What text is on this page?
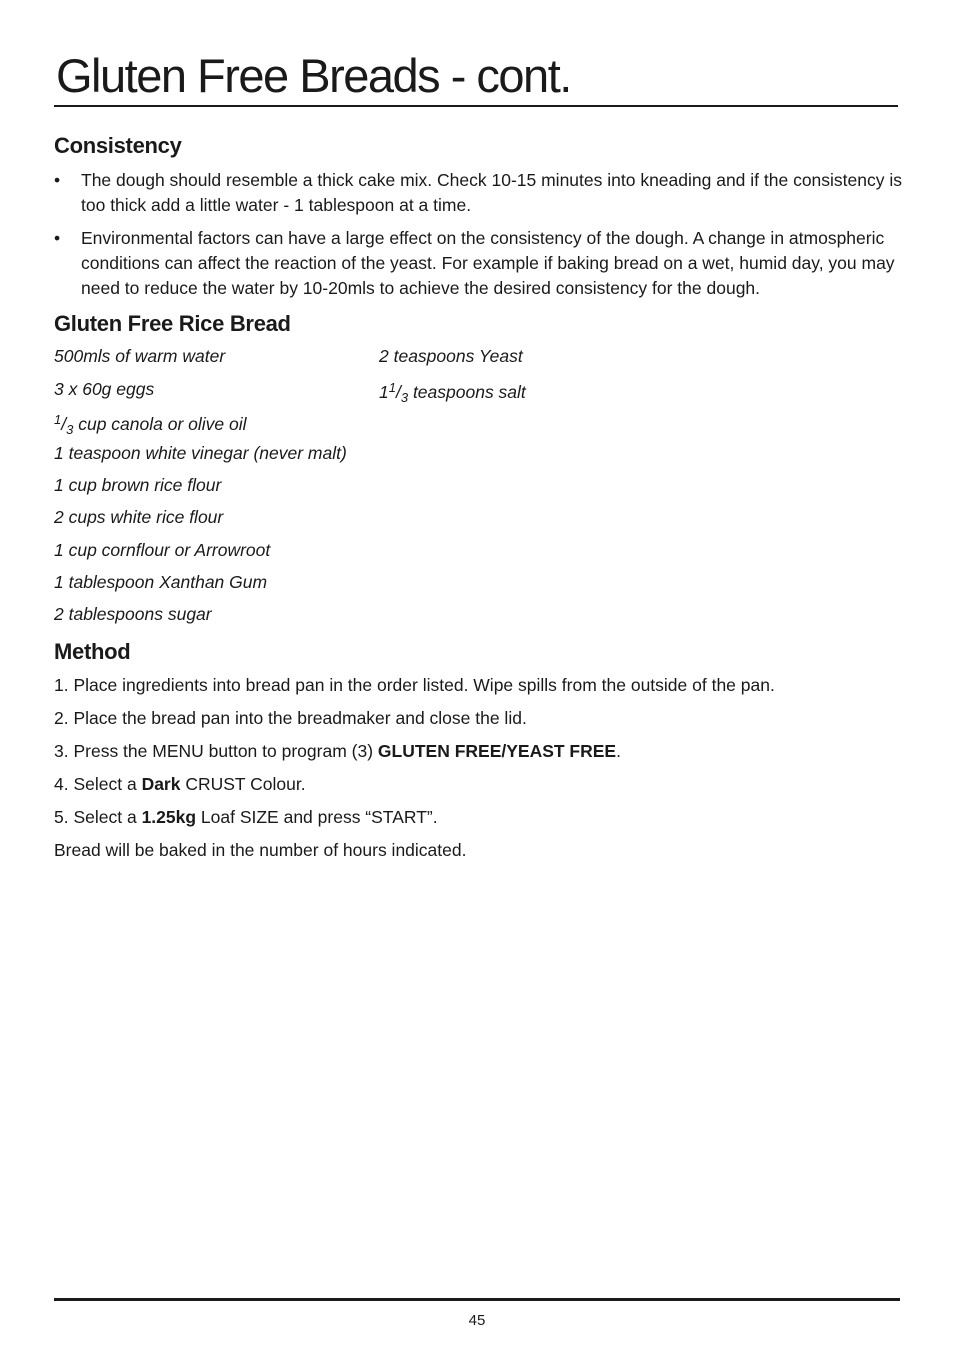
Gluten Free Breads - cont.
Consistency
• The dough should resemble a thick cake mix. Check 10-15 minutes into kneading and if the consistency is too thick add a little water - 1 tablespoon at a time.
• Environmental factors can have a large effect on the consistency of the dough. A change in atmospheric conditions can affect the reaction of the yeast. For example if baking bread on a wet, humid day, you may need to reduce the water by 10-20mls to achieve the desired consistency for the dough.
Gluten Free Rice Bread
500mls of warm water
3 x 60g eggs
$^1/_3$ cup canola or olive oil
1 teaspoon white vinegar (never malt)
1 cup brown rice flour
2 cups white rice flour
1 cup cornflour or Arrowroot
1 tablespoon Xanthan Gum
2 tablespoons sugar
2 teaspoons Yeast
$1^1/_3$ teaspoons salt
Method
1. Place ingredients into bread pan in the order listed. Wipe spills from the outside of the pan.
2. Place the bread pan into the breadmaker and close the lid.
3. Press the MENU button to program (3) GLUTEN FREE/YEAST FREE.
4. Select a Dark CRUST Colour.
5. Select a 1.25kg Loaf SIZE and press “START”.
Bread will be baked in the number of hours indicated.
45
